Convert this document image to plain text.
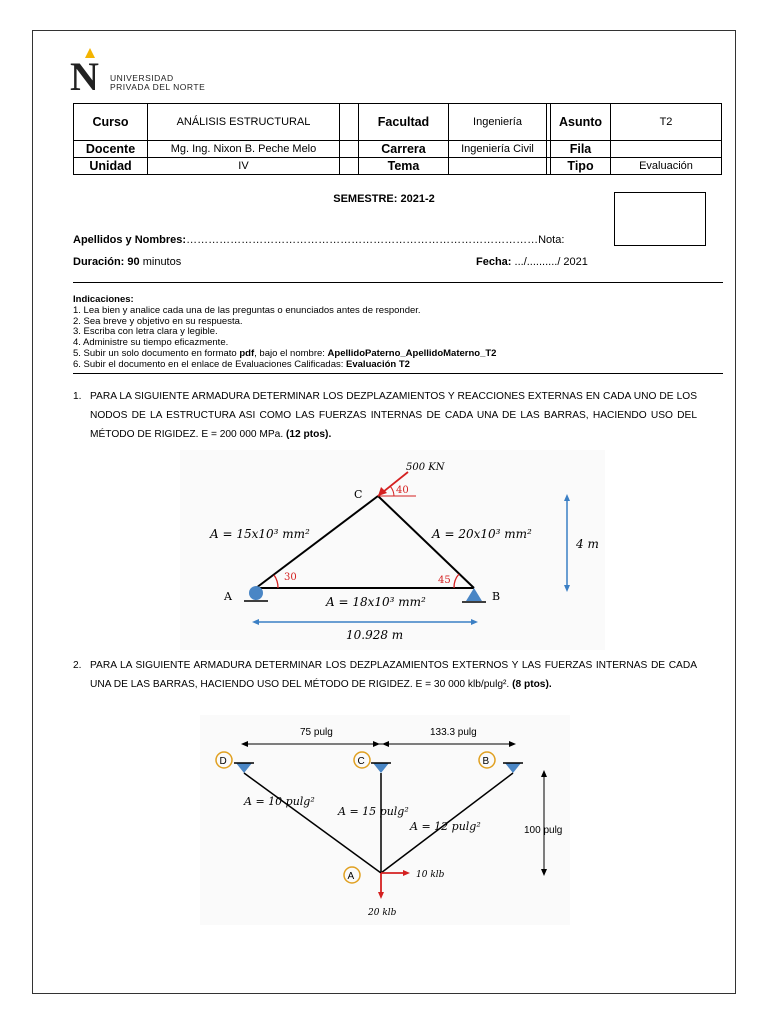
N UNIVERSIDAD
PRIVADA DEL NORTE
Curso	ANÁLISIS ESTRUCTURAL		Facultad	Ingeniería		Asunto	T2
Docente	Mg. Ing. Nixon B. Peche Melo		Carrera	Ingeniería Civil		Fila	
Unidad	IV		Tema			Tipo	Evaluación
SEMESTRE: 2021-2
Apellidos y Nombres:……………………………………………………………………………………Nota:
Duración: 90 minutos	Fecha: .../........../ 2021
Indicaciones:
1. Lea bien y analice cada una de las preguntas o enunciados antes de responder.
2. Sea breve y objetivo en su respuesta.
3. Escriba con letra clara y legible.
4. Administre su tiempo eficazmente.
5. Subir un solo documento en formato pdf, bajo el nombre: ApellidoPaterno_ApellidoMaterno_T2
6. Subir el documento en el enlace de Evaluaciones Calificadas: Evaluación T2
1. PARA LA SIGUIENTE ARMADURA DETERMINAR LOS DEZPLAZAMIENTOS Y REACCIONES EXTERNAS EN CADA UNO DE LOS NODOS DE LA ESTRUCTURA ASI COMO LAS FUERZAS INTERNAS DE CADA UNA DE LAS BARRAS, HACIENDO USO DEL MÉTODO DE RIGIDEZ. E = 200 000 MPa. (12 ptos).
30	45
40
500 KN
C
A	B
A = 15x10³ mm²	A = 20x10³ mm²
A = 18x10³ mm²
4 m
10.928 m
2. PARA LA SIGUIENTE ARMADURA DETERMINAR LOS DEZPLAZAMIENTOS EXTERNOS Y LAS FUERZAS INTERNAS DE CADA UNA DE LAS BARRAS, HACIENDO USO DEL MÉTODO DE RIGIDEZ. E = 30 000 klb/pulg². (8 ptos).
75 pulg	133.3 pulg
D	C	B
A
A = 10 pulg²
A = 15 pulg²
A = 12 pulg²	100 pulg
10 klb
20 klb
